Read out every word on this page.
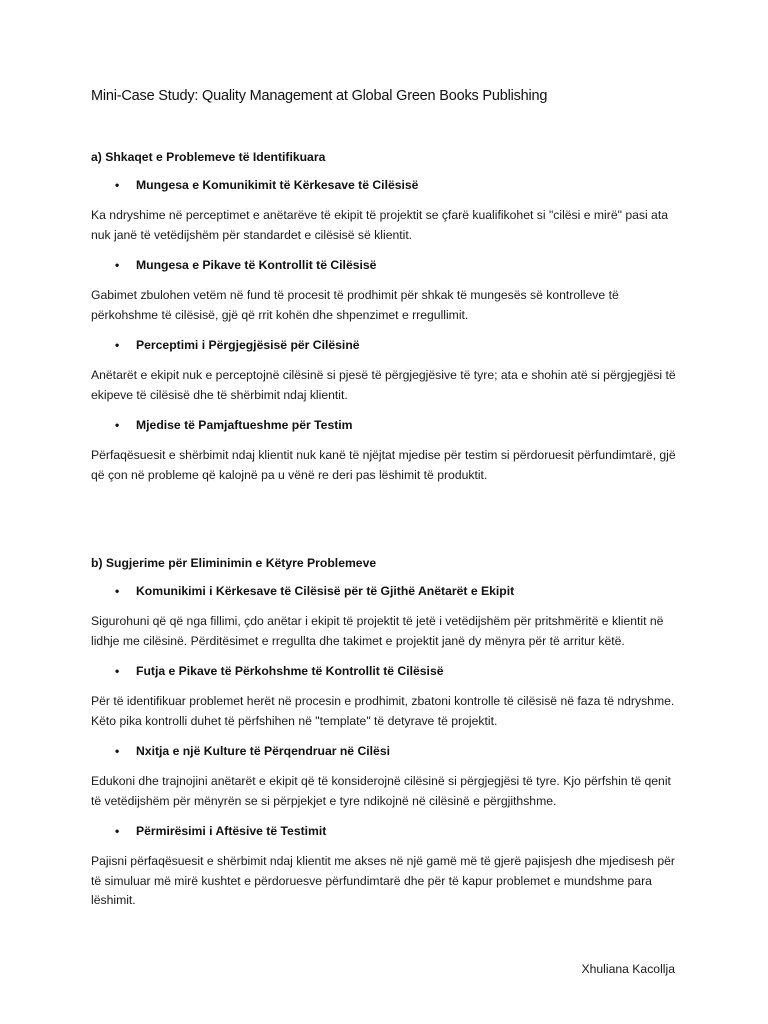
Mini-Case Study: Quality Management at Global Green Books Publishing
a) Shkaqet e Problemeve të Identifikuara
•	Mungesa e Komunikimit të Kërkesave të Cilësisë

Ka ndryshime në perceptimet e anëtarëve të ekipit të projektit se çfarë kualifikohet si "cilësi e mirë" pasi ata nuk janë të vetëdijshëm për standardet e cilësisë së klientit.

•	Mungesa e Pikave të Kontrollit të Cilësisë

Gabimet zbulohen vetëm në fund të procesit të prodhimit për shkak të mungesës së kontrolleve të përkohshme të cilësisë, gjë që rrit kohën dhe shpenzimet e rregullimit.

•	Perceptimi i Përgjegjësisë për Cilësinë

Anëtarët e ekipit nuk e perceptojnë cilësinë si pjesë të përgjegjësive të tyre; ata e shohin atë si përgjegjësi të ekipeve të cilësisë dhe të shërbimit ndaj klientit.

•	Mjedise të Pamjaftueshme për Testim

Përfaqësuesit e shërbimit ndaj klientit nuk kanë të njëjtat mjedise për testim si përdoruesit përfundimtarë, gjë që çon në probleme që kalojnë pa u vënë re deri pas lëshimit të produktit.

b) Sugjerime për Eliminimin e Këtyre Problemeve
•	Komunikimi i Kërkesave të Cilësisë për të Gjithë Anëtarët e Ekipit

Sigurohuni që që nga fillimi, çdo anëtar i ekipit të projektit të jetë i vetëdijshëm për pritshmëritë e klientit në lidhje me cilësinë. Përditësimet e rregullta dhe takimet e projektit janë dy mënyra për të arritur këtë.

•	Futja e Pikave të Përkohshme të Kontrollit të Cilësisë

Për të identifikuar problemet herët në procesin e prodhimit, zbatoni kontrolle të cilësisë në faza të ndryshme. Këto pika kontrolli duhet të përfshihen në "template" të detyrave të projektit.

•	Nxitja e një Kulture të Përqendruar në Cilësi

Edukoni dhe trajnojini anëtarët e ekipit që të konsiderojnë cilësinë si përgjegjësi të tyre. Kjo përfshin të qenit të vetëdijshëm për mënyrën se si përpjekjet e tyre ndikojnë në cilësinë e përgjithshme.

•	Përmirësimi i Aftësive të Testimit

Pajisni përfaqësuesit e shërbimit ndaj klientit me akses në një gamë më të gjerë pajisjesh dhe mjedisesh për të simuluar më mirë kushtet e përdoruesve përfundimtarë dhe për të kapur problemet e mundshme para lëshimit.

Xhuliana Kacollja
